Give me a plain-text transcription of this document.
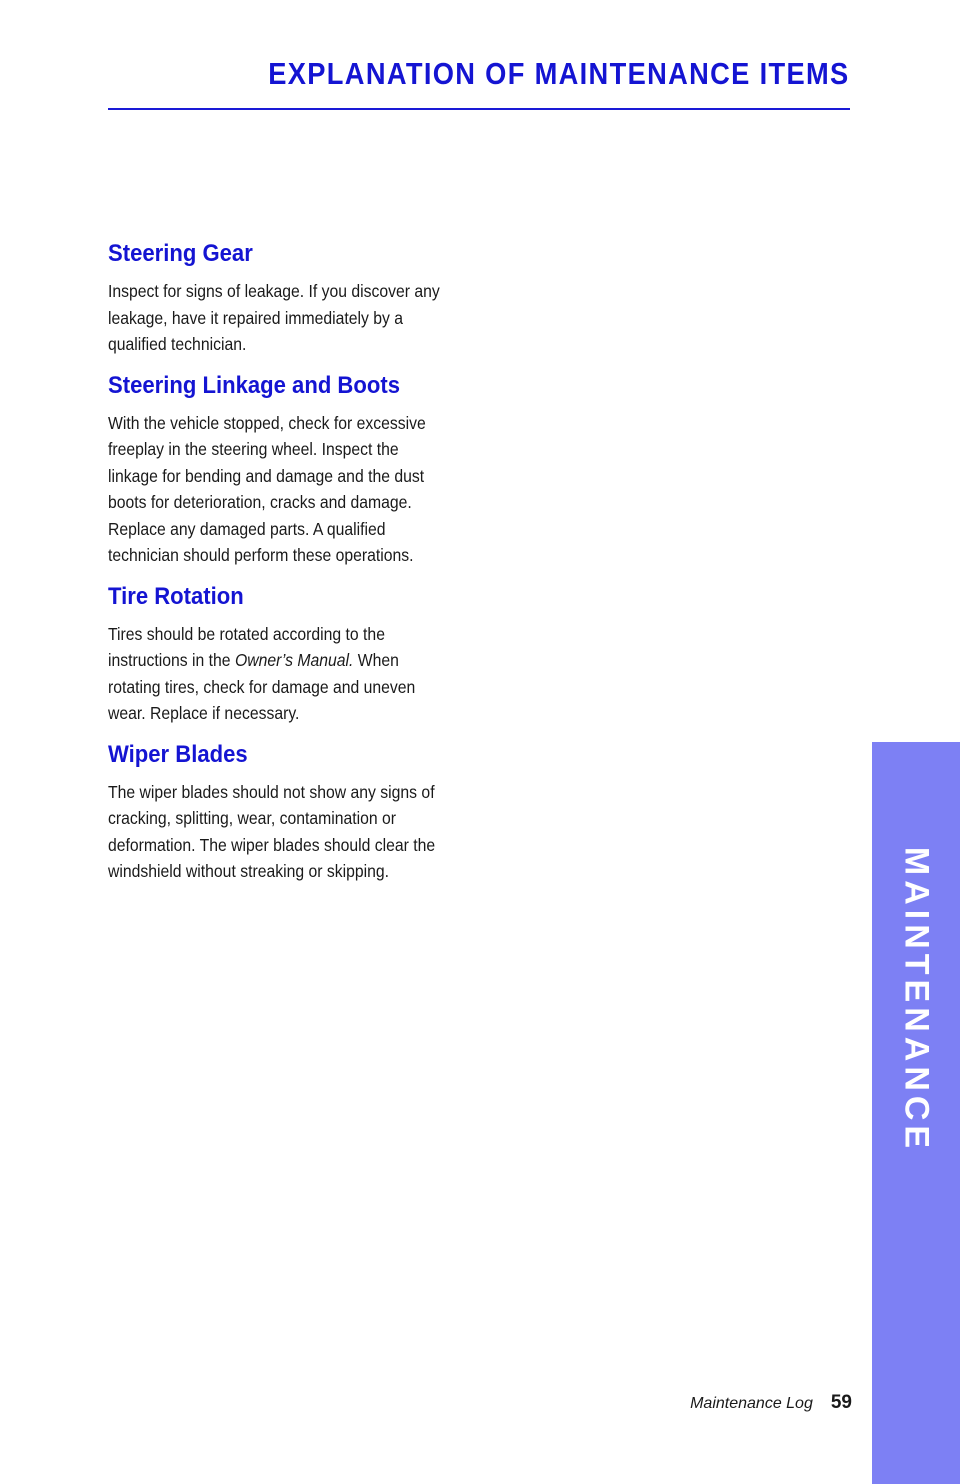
EXPLANATION OF MAINTENANCE ITEMS
Steering Gear

Inspect for signs of leakage. If you discover any leakage, have it repaired immediately by a qualified technician.

Steering Linkage and Boots

With the vehicle stopped, check for excessive freeplay in the steering wheel. Inspect the linkage for bending and damage and the dust boots for deterioration, cracks and damage. Replace any damaged parts. A qualified technician should perform these operations.

Tire Rotation

Tires should be rotated according to the instructions in the Owner’s Manual. When rotating tires, check for damage and uneven wear. Replace if necessary.

Wiper Blades

The wiper blades should not show any signs of cracking, splitting, wear, contamination or deformation. The wiper blades should clear the windshield without streaking or skipping.	MAINTENANCE
Maintenance Log 59
